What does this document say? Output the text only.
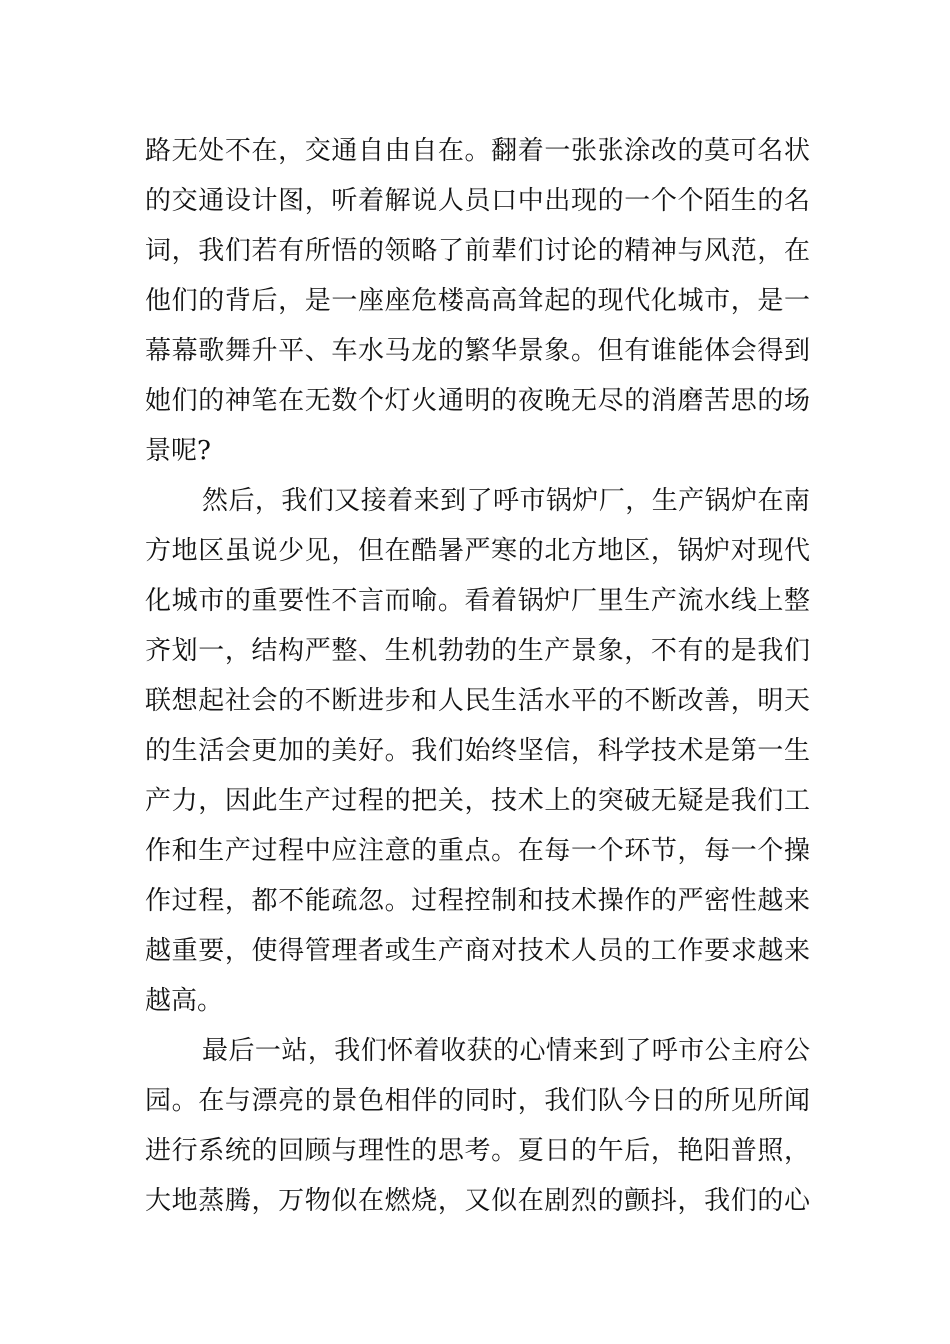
路无处不在，交通自由自在。翻着一张张涂改的莫可名状
的交通设计图，听着解说人员口中出现的一个个陌生的名
词，我们若有所悟的领略了前辈们讨论的精神与风范，在
他们的背后，是一座座危楼高高耸起的现代化城市，是一
幕幕歌舞升平、车水马龙的繁华景象。但有谁能体会得到
她们的神笔在无数个灯火通明的夜晚无尽的消磨苦思的场
景呢?
然后，我们又接着来到了呼市锅炉厂，生产锅炉在南
方地区虽说少见，但在酷暑严寒的北方地区，锅炉对现代
化城市的重要性不言而喻。看着锅炉厂里生产流水线上整
齐划一，结构严整、生机勃勃的生产景象，不有的是我们
联想起社会的不断进步和人民生活水平的不断改善，明天
的生活会更加的美好。我们始终坚信，科学技术是第一生
产力，因此生产过程的把关，技术上的突破无疑是我们工
作和生产过程中应注意的重点。在每一个环节，每一个操
作过程，都不能疏忽。过程控制和技术操作的严密性越来
越重要，使得管理者或生产商对技术人员的工作要求越来
越高。
最后一站，我们怀着收获的心情来到了呼市公主府公
园。在与漂亮的景色相伴的同时，我们队今日的所见所闻
进行系统的回顾与理性的思考。夏日的午后，艳阳普照，
大地蒸腾，万物似在燃烧，又似在剧烈的颤抖，我们的心
